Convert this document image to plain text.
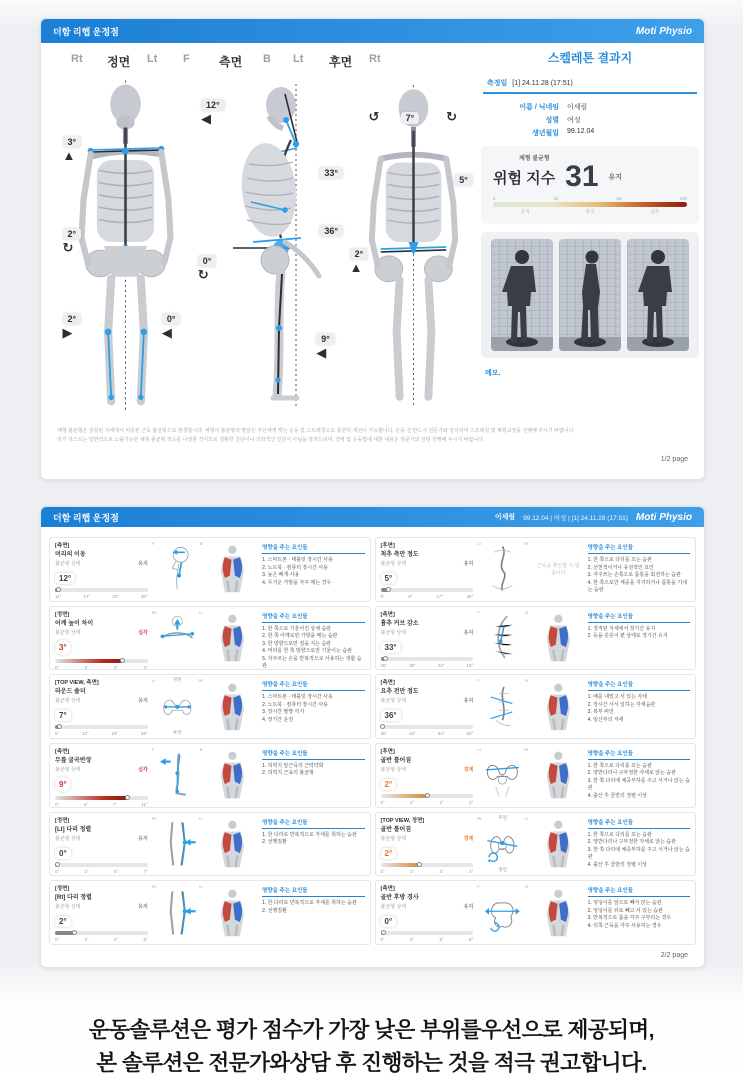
더함 리햅 운정점	Moti Physio
Rt 정면 Lt F 측면 B Lt 후면 Rt
3°
▲
2°
↻
2°
▶
0°
◀
12°
◀
33°
36°
0°
↻
9°
◀
↺	7°	↻
5°
2°
▲
스켈레톤 결과지
측정일 [1] 24.11.28 (17:51)
이름 / 닉네임	이세림
성별	여성
생년월일	99.12.04
체형 불균형
위험 지수 31 유지
0	33	66	100
유지	관리	심각
메모.
체형 불균형은 잘못된 자세에서 비롯된 근육 불균형으로 발생합니다. 체형의 불균형적 발달은 자신에게 맞는 운동 및 스트레칭으로 충분히 개선이 가능합니다. 운동 전 반드시 전문가와 상의하여 스트레칭 및 체형교정을 진행해 주시기 바랍니다.
상기 리스트는 일반적으로 노출가능한 체형 불균형 정도를 나열한 것이므로 정확한 진단이나 의학적인 진단이 아님을 알려드리며, 질병 및 운동법에 대한 내용은 전문가와 상담 진행해 주시기 바랍니다.
1/2 page
더함 리햅 운정점	이세림 99.12.04 | 여성 | [1] 24.11.28 (17:51) Moti Physio
[측면]
머리의 이동
불균형 상태	유지
12°
11°	17°	23°	30°
F	B
영향을 주는 요인들
1. 스마트폰 · 태블릿 장시간 사용
2. 노트북 · 컴퓨터 장시간 사용
3. 높은 베개 사용
4. 무거운 가방을 자주 메는 경우
[후면]
척추 측만 정도
불균형 상태	유지
5°
0°	8°	17°	25°
Lt	Rt
근육을 확인할 수 없습니다
영향을 주는 요인들
1. 한 쪽으로 다리를 꼬는 습관
2. 선천적이거나 유전적인 요인
3. 자주쓰는 손쪽으로 몸통을 회전하는 습관
4. 한 쪽으로만 체중을 지지하거나 몸통을 기대는 습관
[정면]
어깨 높이 차이
불균형 상태	심각
3°
0°	2°	3°	4°
Rt	Lt
영향을 주는 요인들
1. 한 쪽으로 기울어진 상체 습관
2. 한 쪽 어깨로만 가방을 메는 습관
3. 한 방향으로만 짐을 지는 습관
4. 머리를 한 쪽 방향으로만 기울이는 습관
5. 자주쓰는 손을 반복적으로 사용하는 생활 습관
[측면]
흉추 커브 감소
불균형 상태	유지
33°
36°	30°	24°	18°
F	B
영향을 주는 요인들
1. 경직된 자세에서 장기간 유지
2. 등을 꼿꼿이 편 상태로 장기간 유지
[TOP VIEW, 측면]
라운드 숄더
불균형 상태	유지
7°
5°	12°	19°	26°
Lt	Rt
정면
후면
영향을 주는 요인들
1. 스마트폰 · 태블릿 장시간 사용
2. 노트북 · 컴퓨터 장시간 사용
3. 장시간 팔짱 끼기
4. 장기간 운전
[측면]
요추 전만 정도
불균형 상태	유지
36°
36°	45°	54°	63°
F	B
영향을 주는 요인들
1. 배를 내밀고 서 있는 자세
2. 장시간 서서 일하는 자세습관
3. 복부 비만
4. 임산부의 자세
[측면]
무릎 굴곡반장
불균형 상태	심각
9°
0°	4°	7°	11°
F	B
영향을 주는 요인들
1. 허벅지 앞근육의 근력약화
2. 허벅지 근육의 불균형
[후면]
골반 틀어짐
불균형 상태	경계
2°
0°	1°	2°	3°
Lt	Rt
영향을 주는 요인들
1. 한 쪽으로 다리를 꼬는 습관
2. 양반다리나 구부정한 자세로 앉는 습관
3. 한 쪽 다리에 체중부하를 주고 서거나 앉는 습관
4. 출산 후 골반의 정렬 이상
[정면]
[Lt] 다리 정렬
불균형 상태	유지
0°
0°	2°	5°	7°
Rt	Lt
영향을 주는 요인들
1. 한 다리로 반복적으로 자세를 취하는 습관
2. 선행질환
[TOP VIEW, 정면]
골반 틀어짐
불균형 상태	경계
2°
0°	1°	3°	4°
Rt	Lt
후면
정면
영향을 주는 요인들
1. 한 쪽으로 다리를 꼬는 습관
2. 양반다리나 구부정한 자세로 앉는 습관
3. 한 쪽 다리에 체중부하를 주고 서거나 앉는 습관
4. 출산 후 골반의 정렬 이상
[정면]
[Rt] 다리 정렬
불균형 상태	유지
2°
0°	2°	4°	6°
Rt	Lt
영향을 주는 요인들
1. 한 다리로 반복적으로 자세를 취하는 습관
2. 선행질환
[측면]
골반 후방 경사
불균형 상태	유지
0°
0°	3°	5°	8°
F	B
영향을 주는 요인들
1. 엉덩이를 앞으로 빼서 앉는 습관
2. 엉덩이를 뒤로 빼고 서 있는 습관
3. 반복적으로 몸을 자주 구부리는 경우
4. 뒤쪽 근육을 자주 사용하는 경우
2/2 page
운동솔루션은 평가 점수가 가장 낮은 부위를우선으로 제공되며,
본 솔루션은 전문가와상담 후 진행하는 것을 적극 권고합니다.
